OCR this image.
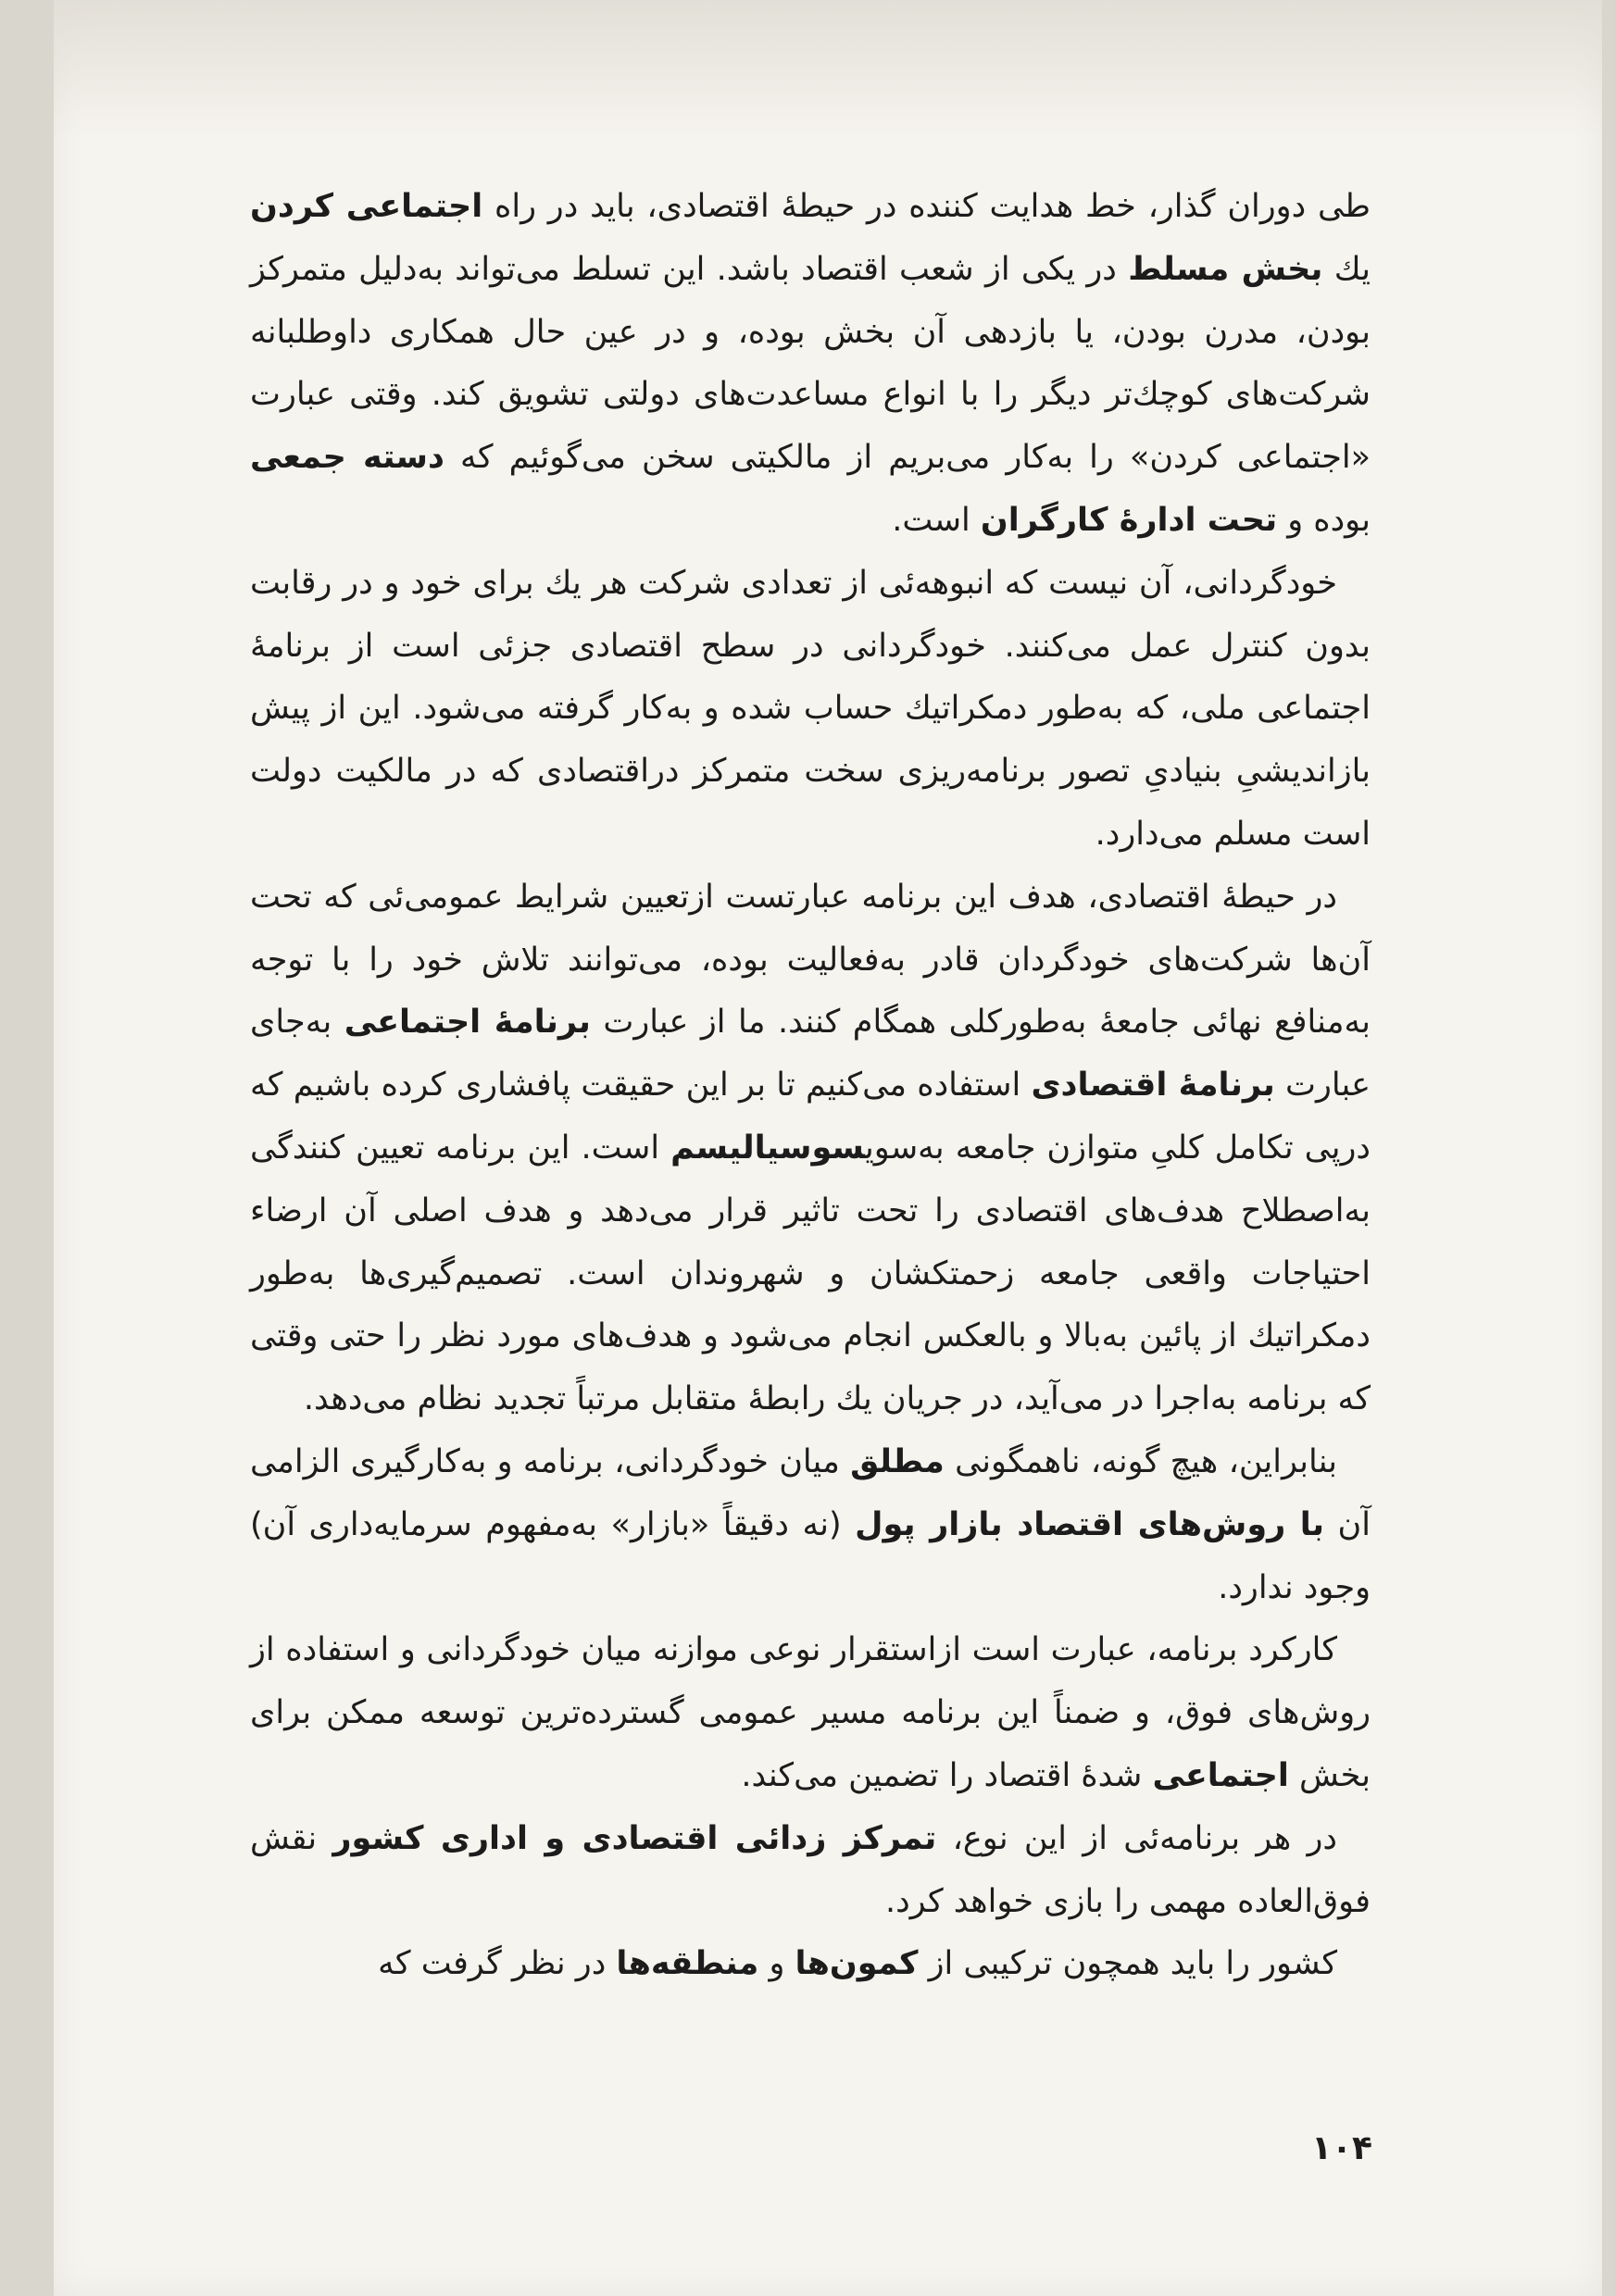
طی دوران گذار، خط هدایت کننده در حیطهٔ اقتصادی، باید در راه اجتماعی کردن یك بخش مسلط در یکی از شعب اقتصاد باشد. این تسلط می‌تواند به‌دلیل متمرکز بودن، مدرن بودن، یا بازدهی آن بخش بوده، و در عین حال همکاری داوطلبانه شرکت‌های کوچك‌تر دیگر را با انواع مساعدت‌های دولتی تشویق کند. وقتی عبارت «اجتماعی کردن» را به‌کار می‌بریم از مالکیتی سخن می‌گوئیم که دسته جمعی بوده و تحت ادارهٔ کارگران است.

خودگردانی، آن نیست که انبوهه‌ئی از تعدادی شرکت هر یك برای خود و در رقابت بدون کنترل عمل می‌کنند. خودگردانی در سطح اقتصادی جزئی است از برنامهٔ اجتماعی ملی، که به‌طور دمکراتیك حساب شده و به‌کار گرفته می‌شود. این از پیش بازاندیشیِ بنیادیِ تصور برنامه‌ریزی سخت متمرکز دراقتصادی که در مالکیت دولت است مسلم می‌دارد.

در حیطهٔ اقتصادی، هدف این برنامه عبارتست ازتعیین شرایط عمومی‌ئی که تحت آن‌ها شرکت‌های خودگردان قادر به‌فعالیت بوده، می‌توانند تلاش خود را با توجه به‌منافع نهائی جامعهٔ به‌طورکلی همگام کنند. ما از عبارت برنامهٔ اجتماعی به‌جای عبارت برنامهٔ اقتصادی استفاده می‌کنیم تا بر این حقیقت پافشاری کرده باشیم که درپی تکامل کلیِ متوازن جامعه به‌سویسوسیالیسم است. این برنامه تعیین کنندگی به‌اصطلاح هدف‌های اقتصادی را تحت تاثیر قرار می‌دهد و هدف اصلی آن ارضاء احتیاجات واقعی جامعه زحمتکشان و شهروندان است. تصمیم‌گیری‌ها به‌طور دمکراتیك از پائین به‌بالا و بالعکس انجام می‌شود و هدف‌های مورد نظر را حتی وقتی که برنامه به‌اجرا در می‌آید، در جریان یك رابطهٔ متقابل مرتباً تجدید نظام می‌دهد.

بنابراین، هیچ گونه، ناهمگونی مطلق میان خودگردانی، برنامه و به‌کارگیری الزامی آن با روش‌های اقتصاد بازار پول (نه دقیقاً «بازار» به‌مفهوم سرمایه‌داری آن) وجود ندارد.

کارکرد برنامه، عبارت است ازاستقرار نوعی موازنه میان خودگردانی و استفاده از روش‌های فوق، و ضمناً این برنامه مسیر عمومی گسترده‌ترین توسعه ممکن برای بخش اجتماعی شدهٔ اقتصاد را تضمین می‌کند.

در هر برنامه‌ئی از این نوع، تمرکز زدائی اقتصادی و اداری کشور نقش فوق‌العاده مهمی را بازی خواهد کرد.

کشور را باید همچون ترکیبی از کمون‌ها و منطقه‌ها در نظر گرفت که

۱۰۴
